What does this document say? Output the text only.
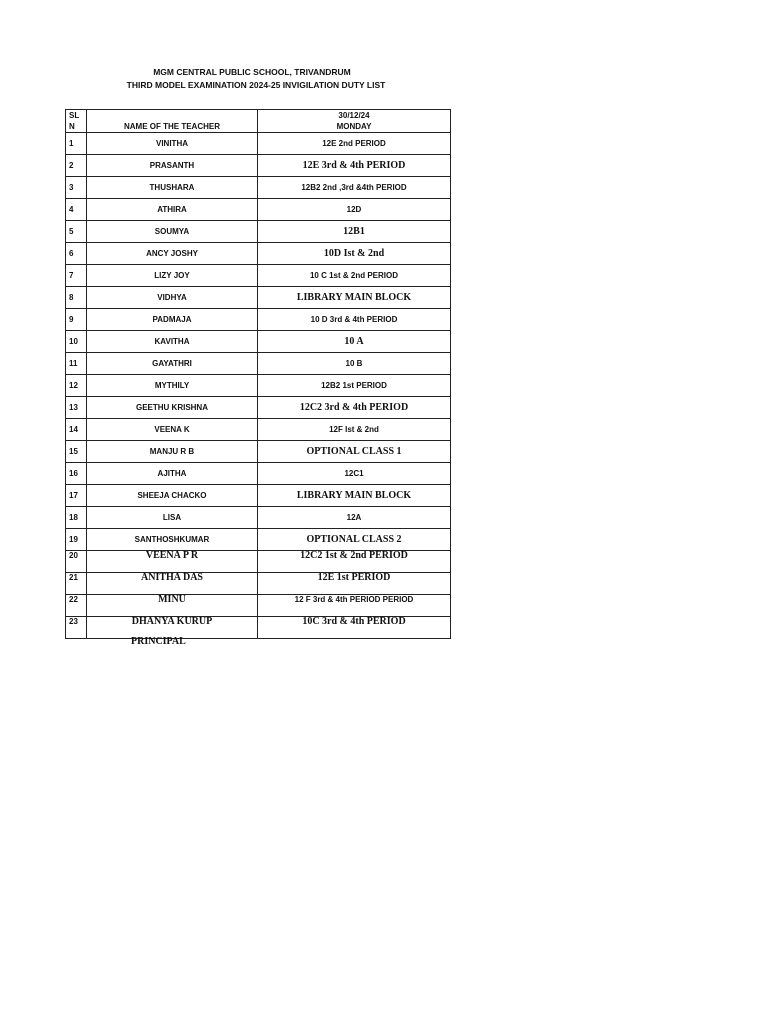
MGM CENTRAL PUBLIC SCHOOL, TRIVANDRUM
THIRD MODEL EXAMINATION 2024-25 INVIGILATION DUTY LIST
SL
N	NAME OF THE TEACHER	30/12/24
MONDAY

1	VINITHA	12E 2nd PERIOD
2	PRASANTH	12E 3rd & 4th PERIOD
3	THUSHARA	12B2 2nd ,3rd &4th PERIOD
4	ATHIRA	12D
5	SOUMYA	12B1
6	ANCY JOSHY	10D Ist & 2nd
7	LIZY JOY	10 C 1st & 2nd PERIOD
8	VIDHYA	LIBRARY MAIN BLOCK
9	PADMAJA	10 D 3rd & 4th PERIOD
10	KAVITHA	10 A
11	GAYATHRI	10 B
12	MYTHILY	12B2 1st PERIOD
13	GEETHU KRISHNA	12C2 3rd & 4th PERIOD
14	VEENA K	12F Ist & 2nd
15	MANJU R B	OPTIONAL CLASS 1
16	AJITHA	12C1
17	SHEEJA CHACKO	LIBRARY MAIN BLOCK
18	LISA	12A
19	SANTHOSHKUMAR	OPTIONAL CLASS 2
20	VEENA P R	12C2 1st & 2nd PERIOD
21	ANITHA DAS	12E 1st PERIOD
22	MINU	12 F 3rd & 4th PERIOD PERIOD
23	DHANYA KURUP	10C 3rd & 4th PERIOD
PRINCIPAL
